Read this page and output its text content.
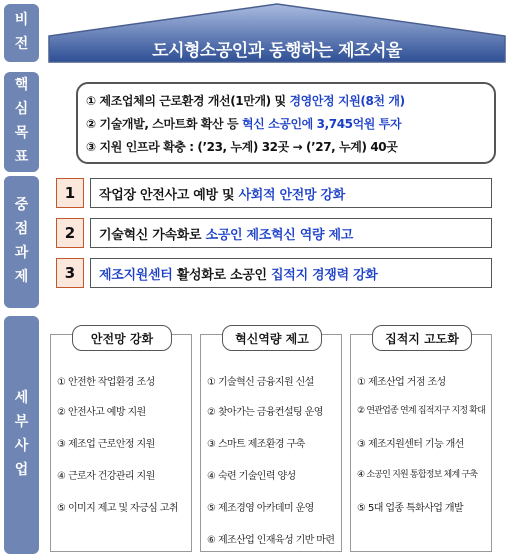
비
전
핵
심
목
표
중
점
과
제
세
부
사
업
도시형소공인과 동행하는 제조서울
① 제조업체의 근로환경 개선(1만개) 및 경영안정 지원(8천 개)
② 기술개발, 스마트화 확산 등 혁신 소공인에 3,745억원 투자
③ 지원 인프라 확충 : (’23, 누계) 32곳 → (’27, 누계) 40곳
1	작업장 안전사고 예방 및
사회적 안전망 강화
2	기술혁신 가속화로
소공인 제조혁신 역량 제고
3	제조지원센터 활성화로 소공인 집적지 경쟁력 강화
안전망 강화
① 안전한 작업환경 조성
② 안전사고 예방 지원
③ 제조업 근로안정 지원
④ 근로자 건강관리 지원
⑤ 이미지 제고 및 자긍심 고취
혁신역량 제고
① 기술혁신 금융지원 신설
② 찾아가는 금융컨설팅 운영
③ 스마트 제조환경 구축
④ 숙련 기술인력 양성
⑤ 제조경영 아카데미 운영
⑥ 제조산업 인재육성 기반 마련
집적지 고도화
① 제조산업 거점 조성
② 연관업종 연계 집적지구 지정 확대
③ 제조지원센터 기능 개선
④ 소공인 지원 통합정보 체계 구축
⑤ 5대 업종 특화사업 개발
